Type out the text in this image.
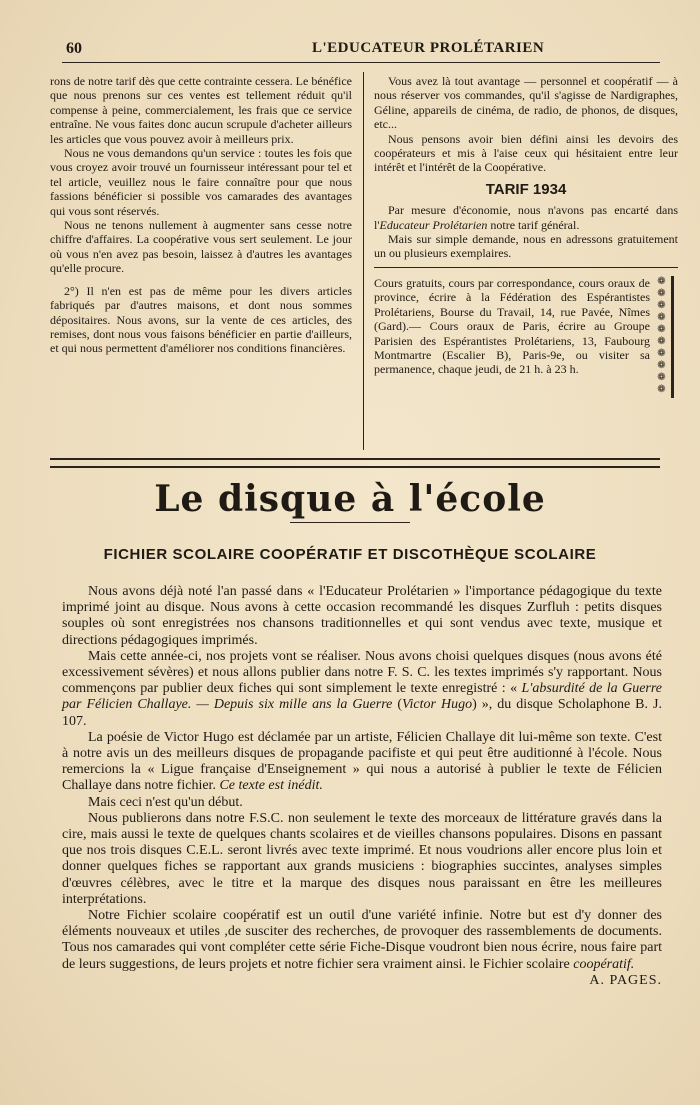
60	L'EDUCATEUR PROLÉTARIEN

rons de notre tarif dès que cette contrainte cessera. Le bénéfice que nous prenons sur ces ventes est tellement réduit qu'il compense à peine, commercialement, les frais que ce service entraîne. Ne vous faites donc aucun scrupule d'acheter ailleurs les articles que vous pouvez avoir à meilleurs prix.

Nous ne vous demandons qu'un service : toutes les fois que vous croyez avoir trouvé un fournisseur intéressant pour tel et tel article, veuillez nous le faire connaître pour que nous fassions bénéficier si possible vos camarades des avantages qui vous sont réservés.

Nous ne tenons nullement à augmenter sans cesse notre chiffre d'affaires. La coopérative vous sert seulement. Le jour où vous n'en avez pas besoin, laissez à d'autres les avantages qu'elle procure.

2°) Il n'en est pas de même pour les divers articles fabriqués par d'autres maisons, et dont nous sommes dépositaires. Nous avons, sur la vente de ces articles, des remises, dont nous vous faisons bénéficier en partie d'ailleurs, et qui nous permettent d'améliorer nos conditions financières.

Vous avez là tout avantage — personnel et coopératif — à nous réserver vos commandes, qu'il s'agisse de Nardigraphes, Géline, appareils de cinéma, de radio, de phonos, de disques, etc...

Nous pensons avoir bien défini ainsi les devoirs des coopérateurs et mis à l'aise ceux qui hésitaient entre leur intérêt et l'intérêt de la Coopérative.

TARIF 1934

Par mesure d'économie, nous n'avons pas encarté dans l'Educateur Prolétarien notre tarif général.

Mais sur simple demande, nous en adressons gratuitement un ou plusieurs exemplaires.

Cours gratuits, cours par correspondance, cours oraux de province, écrire à la Fédération des Espérantistes Prolétariens, Bourse du Travail, 14, rue Pavée, Nîmes (Gard).— Cours oraux de Paris, écrire au Groupe Parisien des Espérantistes Prolétariens, 13, Faubourg Montmartre (Escalier B), Paris-9e, ou visiter sa permanence, chaque jeudi, de 21 h. à 23 h.
❁
❁
❁
❁
❁
❁
❁
❁
❁
❁
Le disque à l'école
FICHIER SCOLAIRE COOPÉRATIF ET DISCOTHÈQUE SCOLAIRE

Nous avons déjà noté l'an passé dans « l'Educateur Prolétarien » l'importance pédagogique du texte imprimé joint au disque. Nous avons à cette occasion recommandé les disques Zurfluh : petits disques souples où sont enregistrées nos chansons traditionnelles et qui sont vendus avec texte, musique et directions pédagogiques imprimés.

Mais cette année-ci, nos projets vont se réaliser. Nous avons choisi quelques disques (nous avons été excessivement sévères) et nous allons publier dans notre F. S. C. les textes imprimés s'y rapportant. Nous commençons par publier deux fiches qui sont simplement le texte enregistré : « L'absurdité de la Guerre par Félicien Challaye. — Depuis six mille ans la Guerre (Victor Hugo) », du disque Scholaphone B. J. 107.

La poésie de Victor Hugo est déclamée par un artiste, Félicien Challaye dit lui-même son texte. C'est à notre avis un des meilleurs disques de propagande pacifiste et qui peut être auditionné à l'école. Nous remercions la « Ligue française d'Enseignement » qui nous a autorisé à publier le texte de Félicien Challaye dans notre fichier. Ce texte est inédit.

Mais ceci n'est qu'un début.

Nous publierons dans notre F.S.C. non seulement le texte des morceaux de littérature gravés dans la cire, mais aussi le texte de quelques chants scolaires et de vieilles chansons populaires. Disons en passant que nos trois disques C.E.L. seront livrés avec texte imprimé. Et nous voudrions aller encore plus loin et donner quelques fiches se rapportant aux grands musiciens : biographies succintes, analyses simples d'œuvres célèbres, avec le titre et la marque des disques nous paraissant en être les meilleures interprétations.

Notre Fichier scolaire coopératif est un outil d'une variété infinie. Notre but est d'y donner des éléments nouveaux et utiles ,de susciter des recherches, de provoquer des rassemblements de documents. Tous nos camarades qui vont compléter cette série Fiche-Disque voudront bien nous écrire, nous faire part de leurs suggestions, de leurs projets et notre fichier sera vraiment ainsi. le Fichier scolaire coopératif.
A. PAGES.
